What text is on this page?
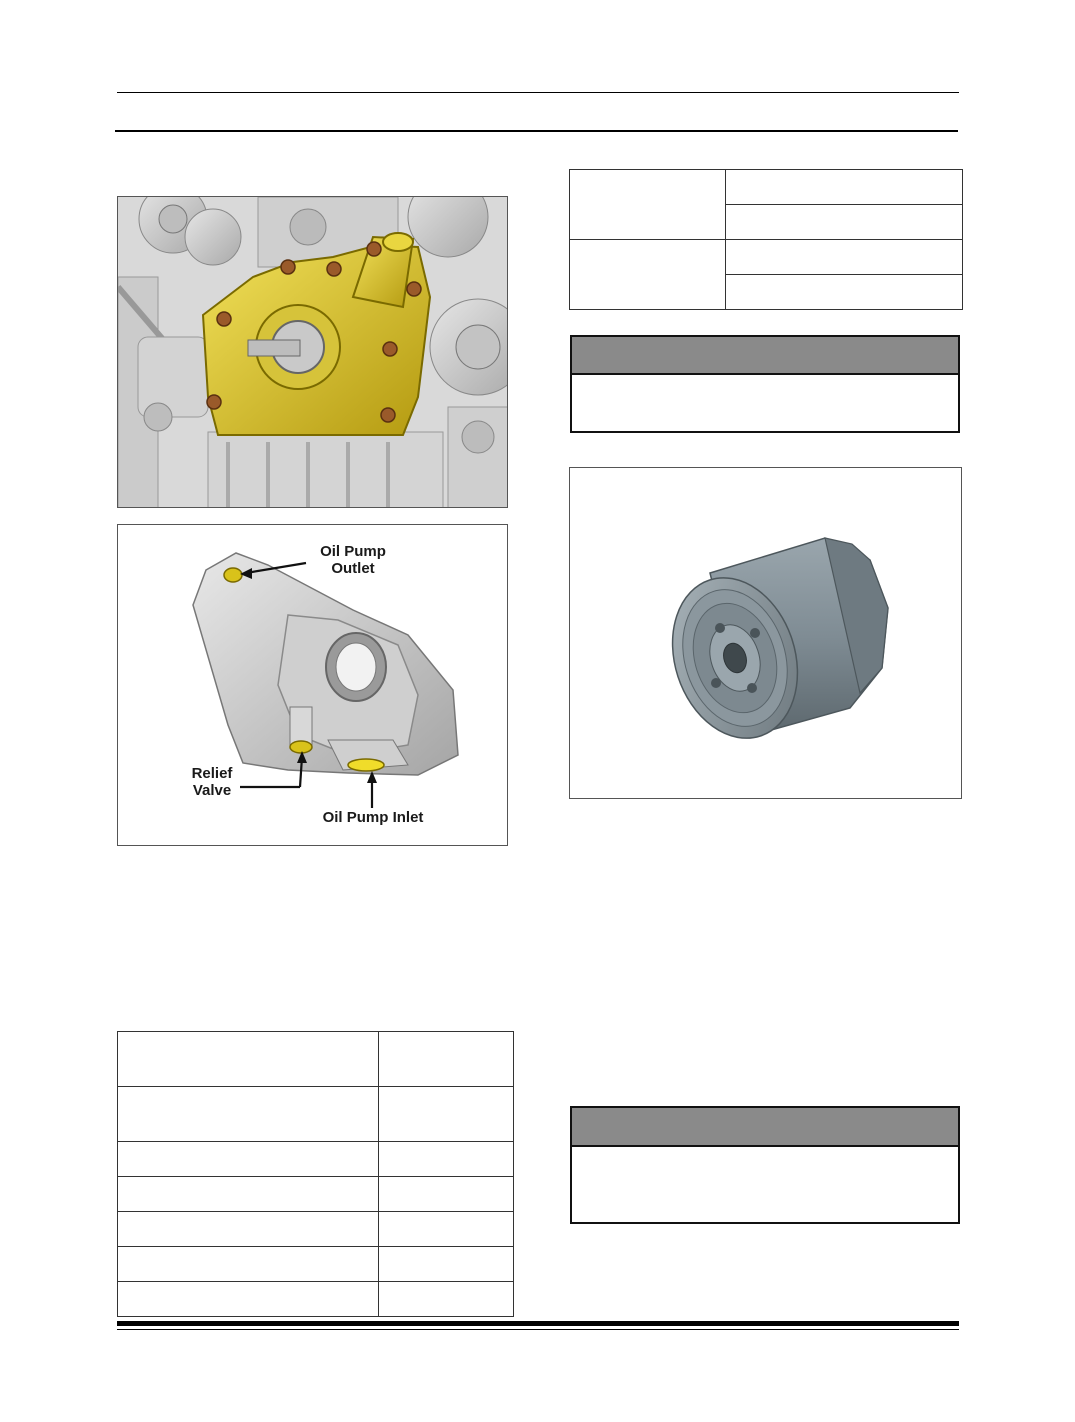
Oil Pump
Outlet
Relief
Valve
Oil Pump Inlet
